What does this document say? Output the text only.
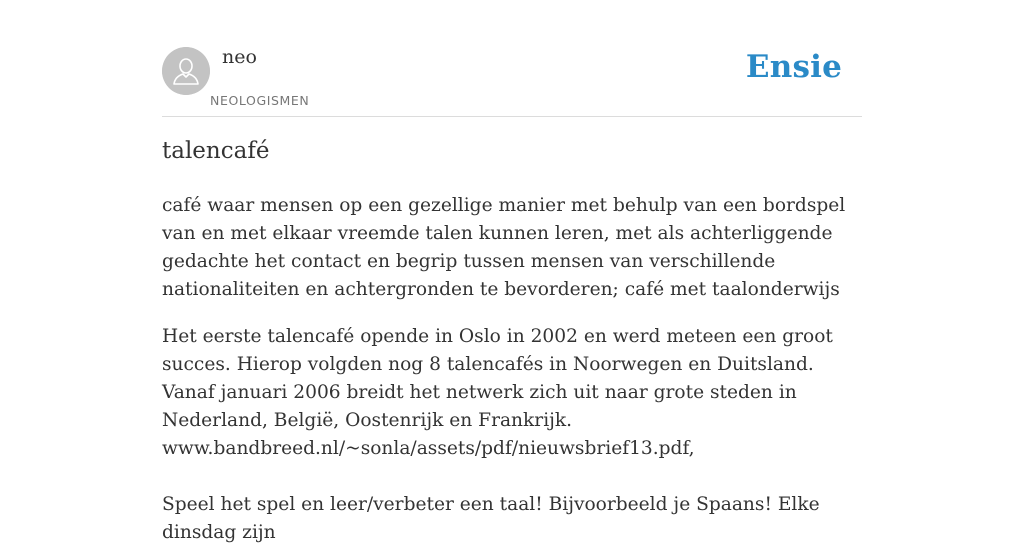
neo
NEOLOGISMEN
Ensie
talencafé

café waar mensen op een gezellige manier met behulp van een bordspel van en met elkaar vreemde talen kunnen leren, met als achterliggende gedachte het contact en begrip tussen mensen van verschillende nationaliteiten en achtergronden te bevorderen; café met taalonderwijs

Het eerste talencafé opende in Oslo in 2002 en werd meteen een groot succes. Hierop volgden nog 8 talencafés in Noorwegen en Duitsland. Vanaf januari 2006 breidt het netwerk zich uit naar grote steden in Nederland, België, Oostenrijk en Frankrijk.
www.bandbreed.nl/~sonla/assets/pdf/nieuwsbrief13.pdf,

Speel het spel en leer/verbeter een taal! Bijvoorbeeld je Spaans! Elke dinsdag zijn
